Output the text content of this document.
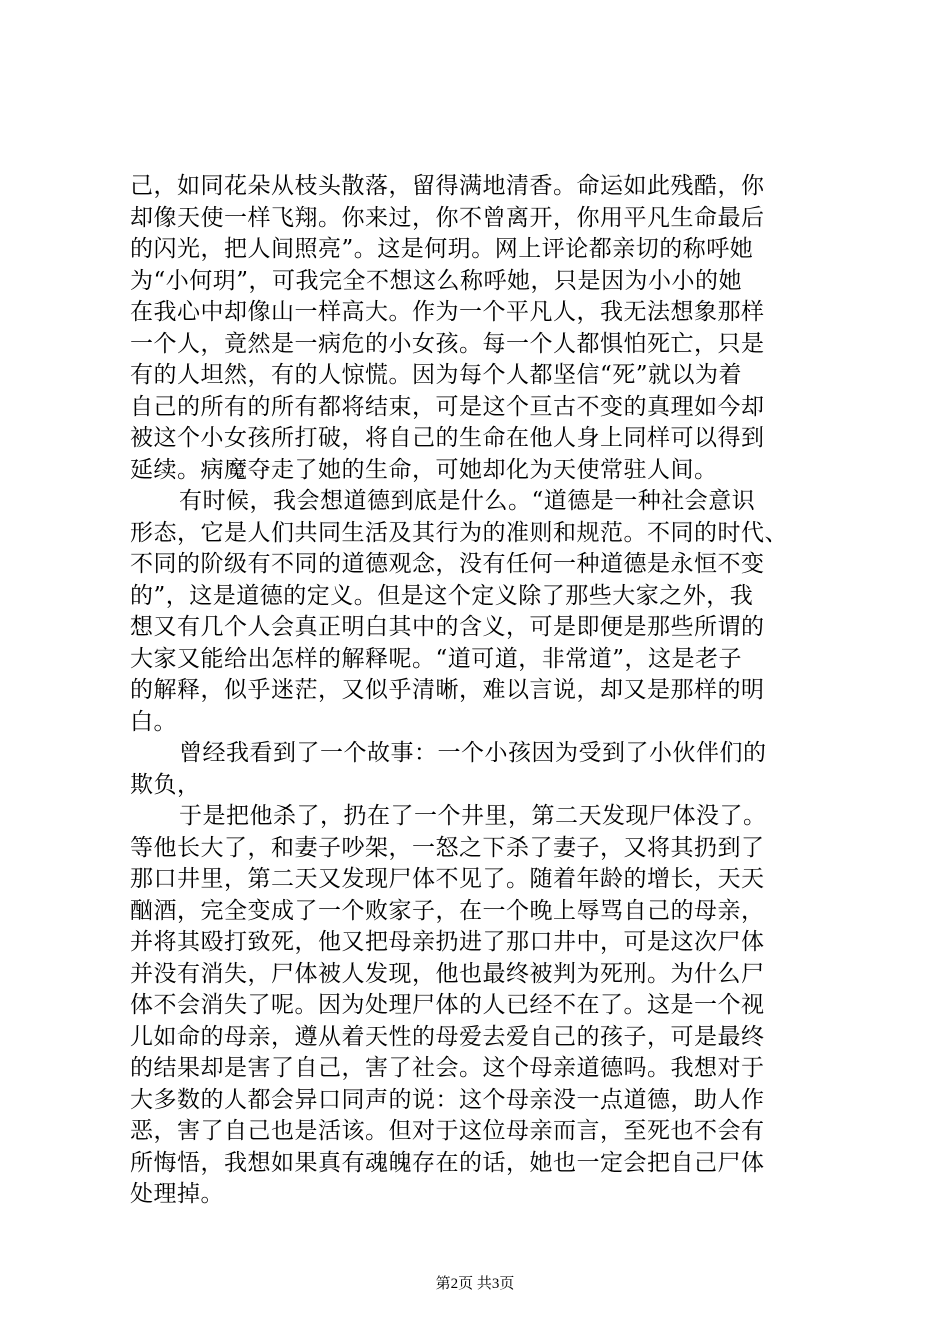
己，如同花朵从枝头散落，留得满地清香。命运如此残酷，你
却像天使一样飞翔。你来过，你不曾离开，你用平凡生命最后
的闪光，把人间照亮”。这是何玥。网上评论都亲切的称呼她
为“小何玥”，可我完全不想这么称呼她，只是因为小小的她
在我心中却像山一样高大。作为一个平凡人，我无法想象那样
一个人，竟然是一病危的小女孩。每一个人都惧怕死亡，只是
有的人坦然，有的人惊慌。因为每个人都坚信“死”就以为着
自己的所有的所有都将结束，可是这个亘古不变的真理如今却
被这个小女孩所打破，将自己的生命在他人身上同样可以得到
延续。病魔夺走了她的生命，可她却化为天使常驻人间。
有时候，我会想道德到底是什么。“道德是一种社会意识
形态，它是人们共同生活及其行为的准则和规范。不同的时代、
不同的阶级有不同的道德观念，没有任何一种道德是永恒不变
的”，这是道德的定义。但是这个定义除了那些大家之外，我
想又有几个人会真正明白其中的含义，可是即便是那些所谓的
大家又能给出怎样的解释呢。“道可道，非常道”，这是老子
的解释，似乎迷茫，又似乎清晰，难以言说，却又是那样的明
白。
曾经我看到了一个故事：一个小孩因为受到了小伙伴们的
欺负，
于是把他杀了，扔在了一个井里，第二天发现尸体没了。
等他长大了，和妻子吵架，一怒之下杀了妻子，又将其扔到了
那口井里，第二天又发现尸体不见了。随着年龄的增长，天天
酗酒，完全变成了一个败家子，在一个晚上辱骂自己的母亲，
并将其殴打致死，他又把母亲扔进了那口井中，可是这次尸体
并没有消失，尸体被人发现，他也最终被判为死刑。为什么尸
体不会消失了呢。因为处理尸体的人已经不在了。这是一个视
儿如命的母亲，遵从着天性的母爱去爱自己的孩子，可是最终
的结果却是害了自己，害了社会。这个母亲道德吗。我想对于
大多数的人都会异口同声的说：这个母亲没一点道德，助人作
恶，害了自己也是活该。但对于这位母亲而言，至死也不会有
所悔悟，我想如果真有魂魄存在的话，她也一定会把自己尸体
处理掉。
第2页 共3页
